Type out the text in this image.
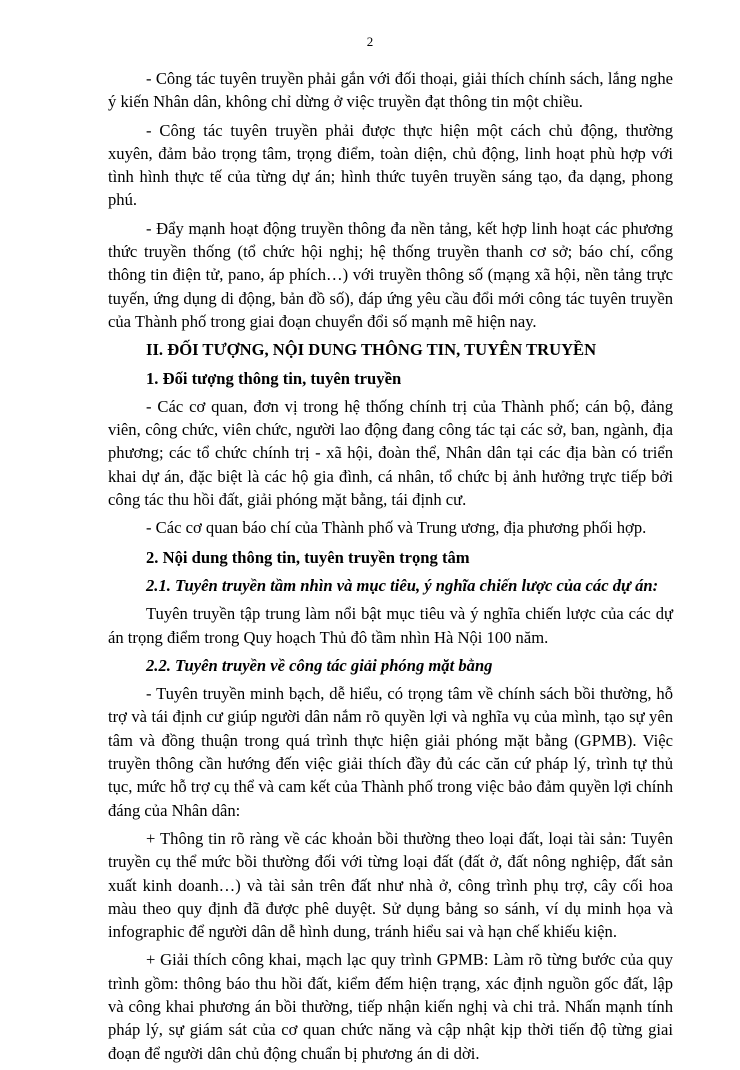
2

- Công tác tuyên truyền phải gắn với đối thoại, giải thích chính sách, lắng nghe ý kiến Nhân dân, không chỉ dừng ở việc truyền đạt thông tin một chiều.

- Công tác tuyên truyền phải được thực hiện một cách chủ động, thường xuyên, đảm bảo trọng tâm, trọng điểm, toàn diện, chủ động, linh hoạt phù hợp với tình hình thực tế của từng dự án; hình thức tuyên truyền sáng tạo, đa dạng, phong phú.

- Đẩy mạnh hoạt động truyền thông đa nền tảng, kết hợp linh hoạt các phương thức truyền thống (tổ chức hội nghị; hệ thống truyền thanh cơ sở; báo chí, cổng thông tin điện tử, pano, áp phích…) với truyền thông số (mạng xã hội, nền tảng trực tuyến, ứng dụng di động, bản đồ số), đáp ứng yêu cầu đổi mới công tác tuyên truyền của Thành phố trong giai đoạn chuyển đổi số mạnh mẽ hiện nay.

II. ĐỐI TƯỢNG, NỘI DUNG THÔNG TIN, TUYÊN TRUYỀN
1. Đối tượng thông tin, tuyên truyền

- Các cơ quan, đơn vị trong hệ thống chính trị của Thành phố; cán bộ, đảng viên, công chức, viên chức, người lao động đang công tác tại các sở, ban, ngành, địa phương; các tổ chức chính trị - xã hội, đoàn thể, Nhân dân tại các địa bàn có triển khai dự án, đặc biệt là các hộ gia đình, cá nhân, tổ chức bị ảnh hưởng trực tiếp bởi công tác thu hồi đất, giải phóng mặt bằng, tái định cư.

- Các cơ quan báo chí của Thành phố và Trung ương, địa phương phối hợp.

2. Nội dung thông tin, tuyên truyền trọng tâm
2.1. Tuyên truyền tầm nhìn và mục tiêu, ý nghĩa chiến lược của các dự án:

Tuyên truyền tập trung làm nổi bật mục tiêu và ý nghĩa chiến lược của các dự án trọng điểm trong Quy hoạch Thủ đô tầm nhìn Hà Nội 100 năm.

2.2. Tuyên truyền về công tác giải phóng mặt bằng

- Tuyên truyền minh bạch, dễ hiểu, có trọng tâm về chính sách bồi thường, hỗ trợ và tái định cư giúp người dân nắm rõ quyền lợi và nghĩa vụ của mình, tạo sự yên tâm và đồng thuận trong quá trình thực hiện giải phóng mặt bằng (GPMB). Việc truyền thông cần hướng đến việc giải thích đầy đủ các căn cứ pháp lý, trình tự thủ tục, mức hỗ trợ cụ thể và cam kết của Thành phố trong việc bảo đảm quyền lợi chính đáng của Nhân dân:

+ Thông tin rõ ràng về các khoản bồi thường theo loại đất, loại tài sản: Tuyên truyền cụ thể mức bồi thường đối với từng loại đất (đất ở, đất nông nghiệp, đất sản xuất kinh doanh…) và tài sản trên đất như nhà ở, công trình phụ trợ, cây cối hoa màu theo quy định đã được phê duyệt. Sử dụng bảng so sánh, ví dụ minh họa và infographic để người dân dễ hình dung, tránh hiểu sai và hạn chế khiếu kiện.

+ Giải thích công khai, mạch lạc quy trình GPMB: Làm rõ từng bước của quy trình gồm: thông báo thu hồi đất, kiểm đếm hiện trạng, xác định nguồn gốc đất, lập và công khai phương án bồi thường, tiếp nhận kiến nghị và chi trả. Nhấn mạnh tính pháp lý, sự giám sát của cơ quan chức năng và cập nhật kịp thời tiến độ từng giai đoạn để người dân chủ động chuẩn bị phương án di dời.
